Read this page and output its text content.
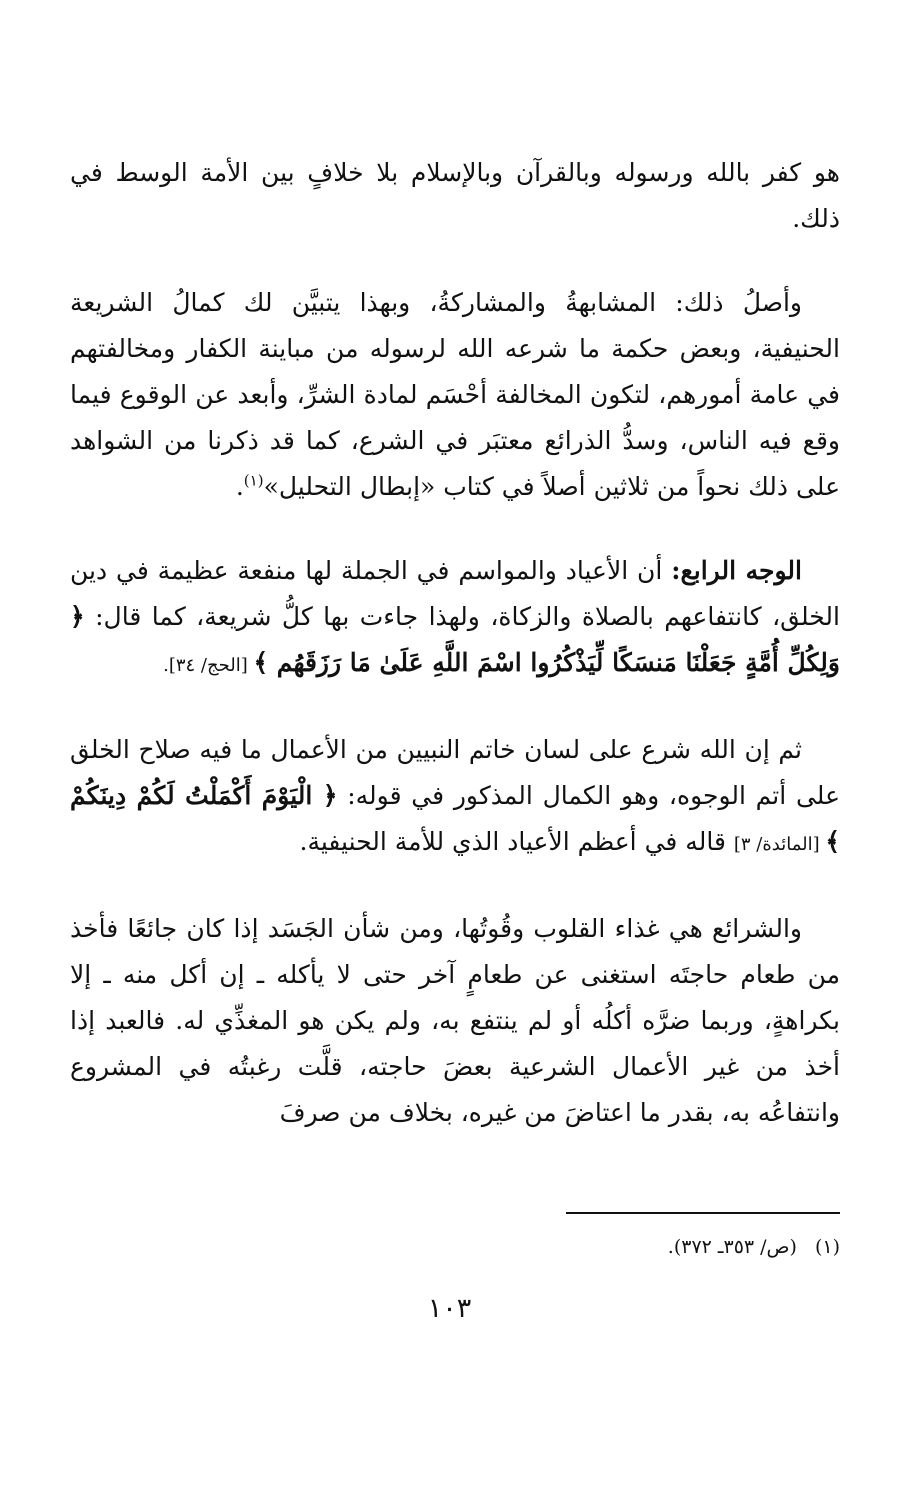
هو كفر بالله ورسوله وبالقرآن وبالإسلام بلا خلافٍ بين الأمة الوسط في ذلك.

وأصلُ ذلك: المشابهةُ والمشاركةُ، وبهذا يتبيَّن لك كمالُ الشريعة الحنيفية، وبعض حكمة ما شرعه الله لرسوله من مباينة الكفار ومخالفتهم في عامة أمورهم، لتكون المخالفة أحْسَم لمادة الشرِّ، وأبعد عن الوقوع فيما وقع فيه الناس، وسدُّ الذرائع معتبَر في الشرع، كما قد ذكرنا من الشواهد على ذلك نحواً من ثلاثين أصلاً في كتاب «إبطال التحليل»$^{(١)}$.

الوجه الرابع: أن الأعياد والمواسم في الجملة لها منفعة عظيمة في دين الخلق، كانتفاعهم بالصلاة والزكاة، ولهذا جاءت بها كلُّ شريعة، كما قال: ﴿ وَلِكُلِّ أُمَّةٍ جَعَلْنَا مَنسَكًا لِّيَذْكُرُوا اسْمَ اللَّهِ عَلَىٰ مَا رَزَقَهُم ﴾ [الحج/ ٣٤].

ثم إن الله شرع على لسان خاتم النبيين من الأعمال ما فيه صلاح الخلق على أتم الوجوه، وهو الكمال المذكور في قوله: ﴿ الْيَوْمَ أَكْمَلْتُ لَكُمْ دِينَكُمْ ﴾ [المائدة/ ٣] قاله في أعظم الأعياد الذي للأمة الحنيفية.

والشرائع هي غذاء القلوب وقُوتُها، ومن شأن الجَسَد إذا كان جائعًا فأخذ من طعام حاجتَه استغنى عن طعامٍ آخر حتى لا يأكله ـ إن أكل منه ـ إلا بكراهةٍ، وربما ضرَّه أكلُه أو لم ينتفع به، ولم يكن هو المغذِّي له. فالعبد إذا أخذ من غير الأعمال الشرعية بعضَ حاجته، قلَّت رغبتُه في المشروع وانتفاعُه به، بقدر ما اعتاضَ من غيره، بخلاف من صرفَ

(١)(ص/ ٣٥٣ـ ٣٧٢).
١٠٣
